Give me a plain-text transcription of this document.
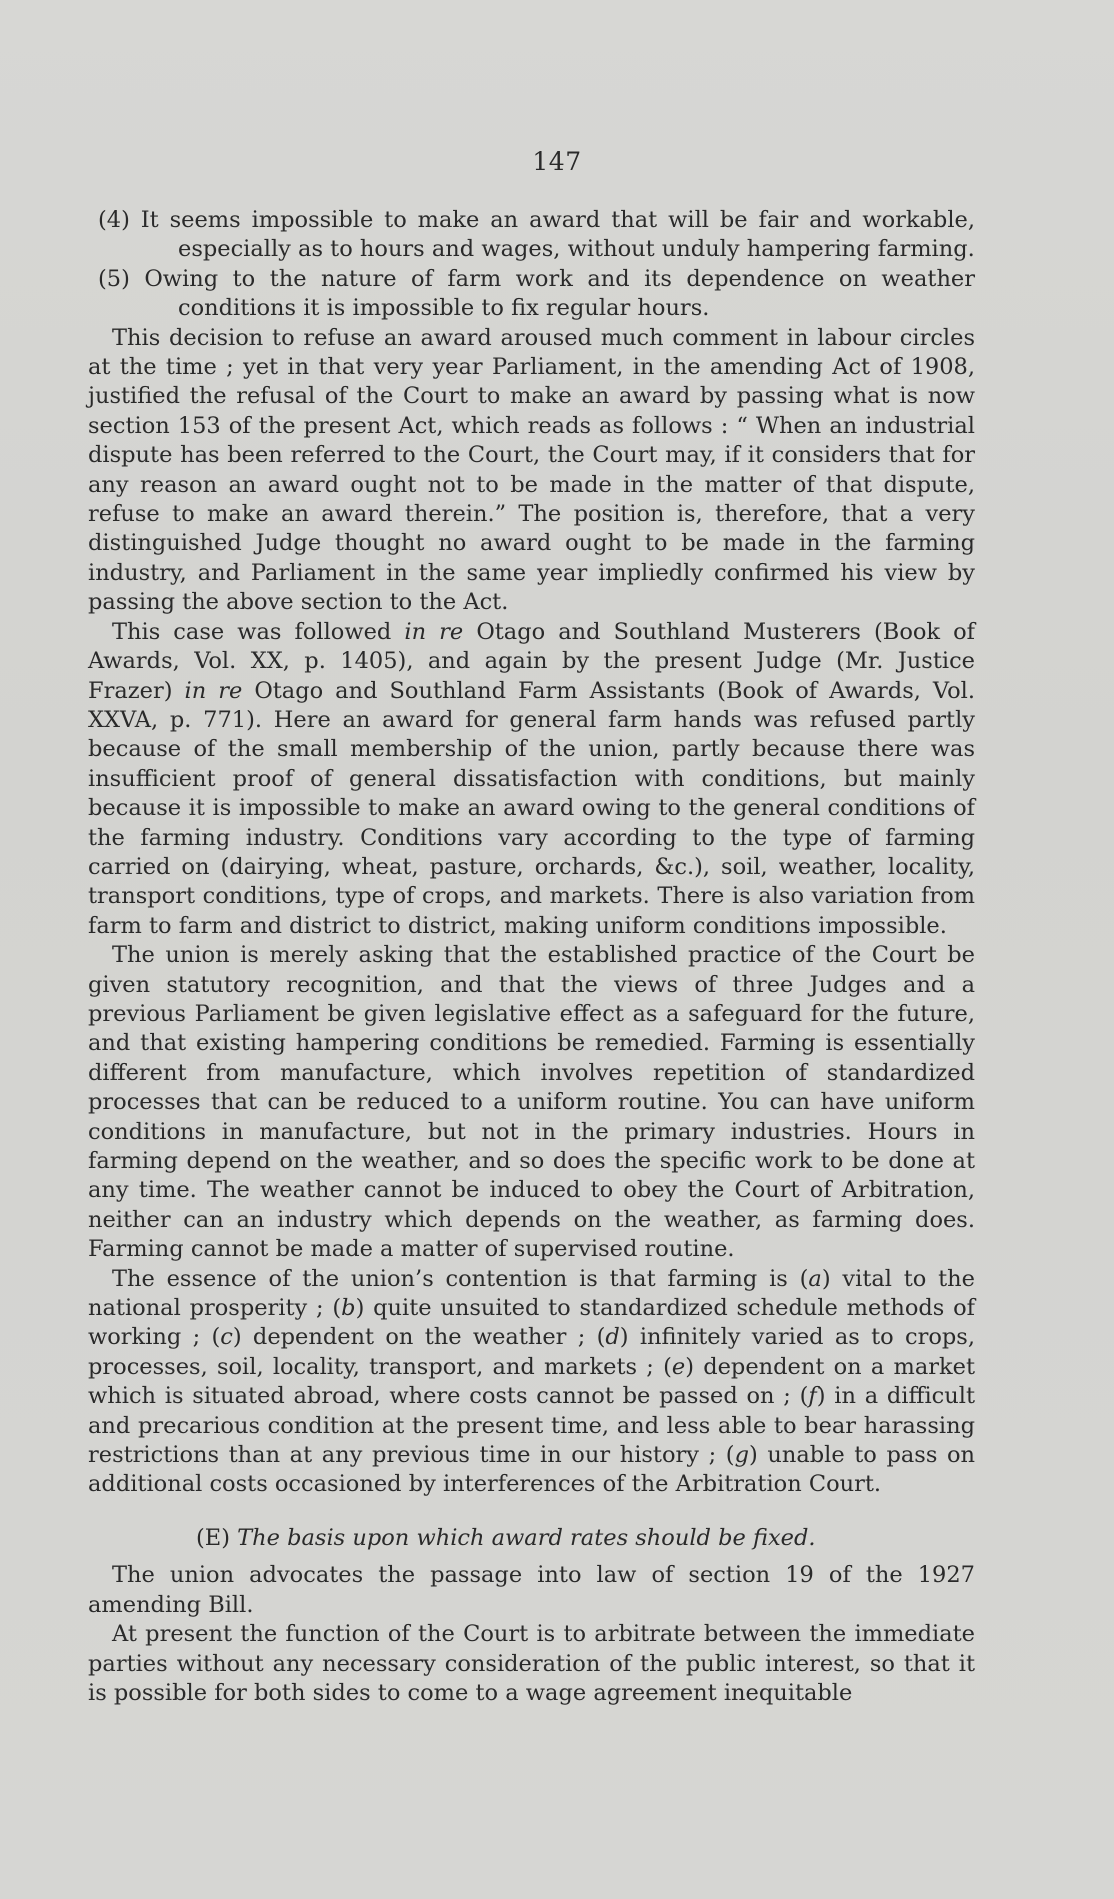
147

(4) It seems impossible to make an award that will be fair and workable, especially as to hours and wages, without unduly hampering farming.

(5) Owing to the nature of farm work and its dependence on weather conditions it is impossible to fix regular hours.

This decision to refuse an award aroused much comment in labour circles at the time ; yet in that very year Parliament, in the amending Act of 1908, justified the refusal of the Court to make an award by passing what is now section 153 of the present Act, which reads as follows : “ When an industrial dispute has been referred to the Court, the Court may, if it considers that for any reason an award ought not to be made in the matter of that dispute, refuse to make an award therein.” The position is, therefore, that a very distinguished Judge thought no award ought to be made in the farming industry, and Parliament in the same year impliedly confirmed his view by passing the above section to the Act.

This case was followed in re Otago and Southland Musterers (Book of Awards, Vol. XX, p. 1405), and again by the present Judge (Mr. Justice Frazer) in re Otago and Southland Farm Assistants (Book of Awards, Vol. XXVA, p. 771). Here an award for general farm hands was refused partly because of the small membership of the union, partly because there was insufficient proof of general dissatisfaction with conditions, but mainly because it is impossible to make an award owing to the general conditions of the farming industry. Conditions vary according to the type of farming carried on (dairying, wheat, pasture, orchards, &c.), soil, weather, locality, transport conditions, type of crops, and markets. There is also variation from farm to farm and district to district, making uniform conditions impossible.

The union is merely asking that the established practice of the Court be given statutory recognition, and that the views of three Judges and a previous Parliament be given legislative effect as a safeguard for the future, and that existing hampering conditions be remedied. Farming is essentially different from manufacture, which involves repetition of standardized processes that can be reduced to a uniform routine. You can have uniform conditions in manufacture, but not in the primary industries. Hours in farming depend on the weather, and so does the specific work to be done at any time. The weather cannot be induced to obey the Court of Arbitration, neither can an industry which depends on the weather, as farming does. Farming cannot be made a matter of supervised routine.

The essence of the union’s contention is that farming is (a) vital to the national prosperity ; (b) quite unsuited to standardized schedule methods of working ; (c) dependent on the weather ; (d) infinitely varied as to crops, processes, soil, locality, transport, and markets ; (e) dependent on a market which is situated abroad, where costs cannot be passed on ; (f) in a difficult and precarious condition at the present time, and less able to bear harassing restrictions than at any previous time in our history ; (g) unable to pass on additional costs occasioned by interferences of the Arbitration Court.

(E) The basis upon which award rates should be fixed.

The union advocates the passage into law of section 19 of the 1927 amending Bill.

At present the function of the Court is to arbitrate between the immediate parties without any necessary consideration of the public interest, so that it is possible for both sides to come to a wage agreement inequitable
